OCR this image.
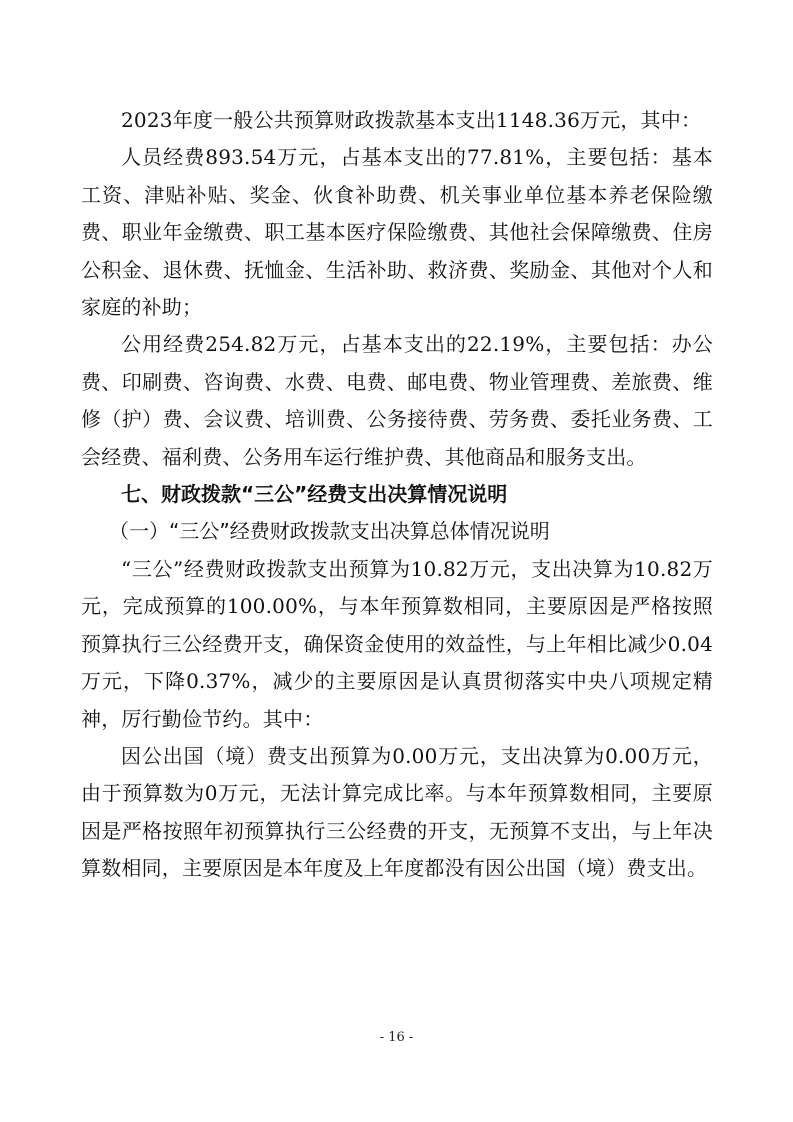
2023年度一般公共预算财政拨款基本支出1148.36万元，其中：

人员经费893.54万元，占基本支出的77.81%，主要包括：基本工资、津贴补贴、奖金、伙食补助费、机关事业单位基本养老保险缴费、职业年金缴费、职工基本医疗保险缴费、其他社会保障缴费、住房公积金、退休费、抚恤金、生活补助、救济费、奖励金、其他对个人和家庭的补助；

公用经费254.82万元，占基本支出的22.19%，主要包括：办公费、印刷费、咨询费、水费、电费、邮电费、物业管理费、差旅费、维修（护）费、会议费、培训费、公务接待费、劳务费、委托业务费、工会经费、福利费、公务用车运行维护费、其他商品和服务支出。

七、财政拨款“三公”经费支出决算情况说明
（一）“三公”经费财政拨款支出决算总体情况说明

“三公”经费财政拨款支出预算为10.82万元，支出决算为10.82万元，完成预算的100.00%，与本年预算数相同，主要原因是严格按照预算执行三公经费开支，确保资金使用的效益性，与上年相比减少0.04万元，下降0.37%，减少的主要原因是认真贯彻落实中央八项规定精神，厉行勤俭节约。其中：

因公出国（境）费支出预算为0.00万元，支出决算为0.00万元，由于预算数为0万元，无法计算完成比率。与本年预算数相同，主要原因是严格按照年初预算执行三公经费的开支，无预算不支出，与上年决算数相同，主要原因是本年度及上年度都没有因公出国（境）费支出。

- 16 -
